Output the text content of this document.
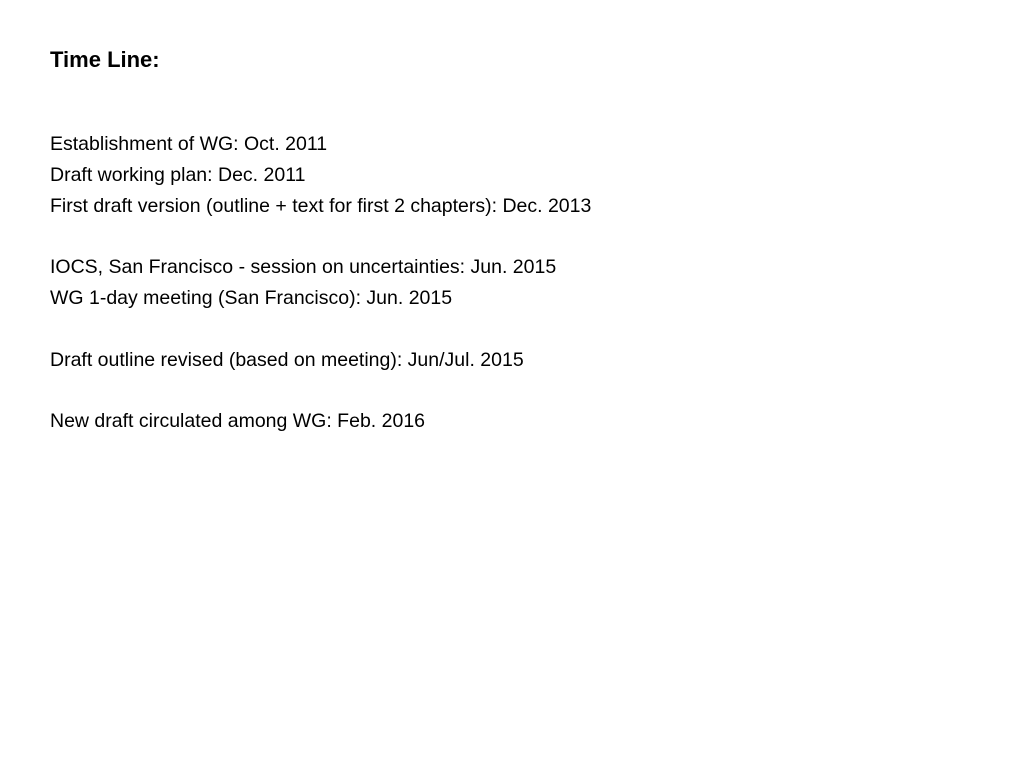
Time Line:
Establishment of WG: Oct. 2011
Draft working plan: Dec. 2011
First draft version (outline + text for first 2 chapters): Dec. 2013
IOCS, San Francisco - session on uncertainties: Jun. 2015
WG 1-day meeting (San Francisco): Jun. 2015
Draft outline revised (based on meeting): Jun/Jul. 2015
New draft circulated among WG: Feb. 2016
